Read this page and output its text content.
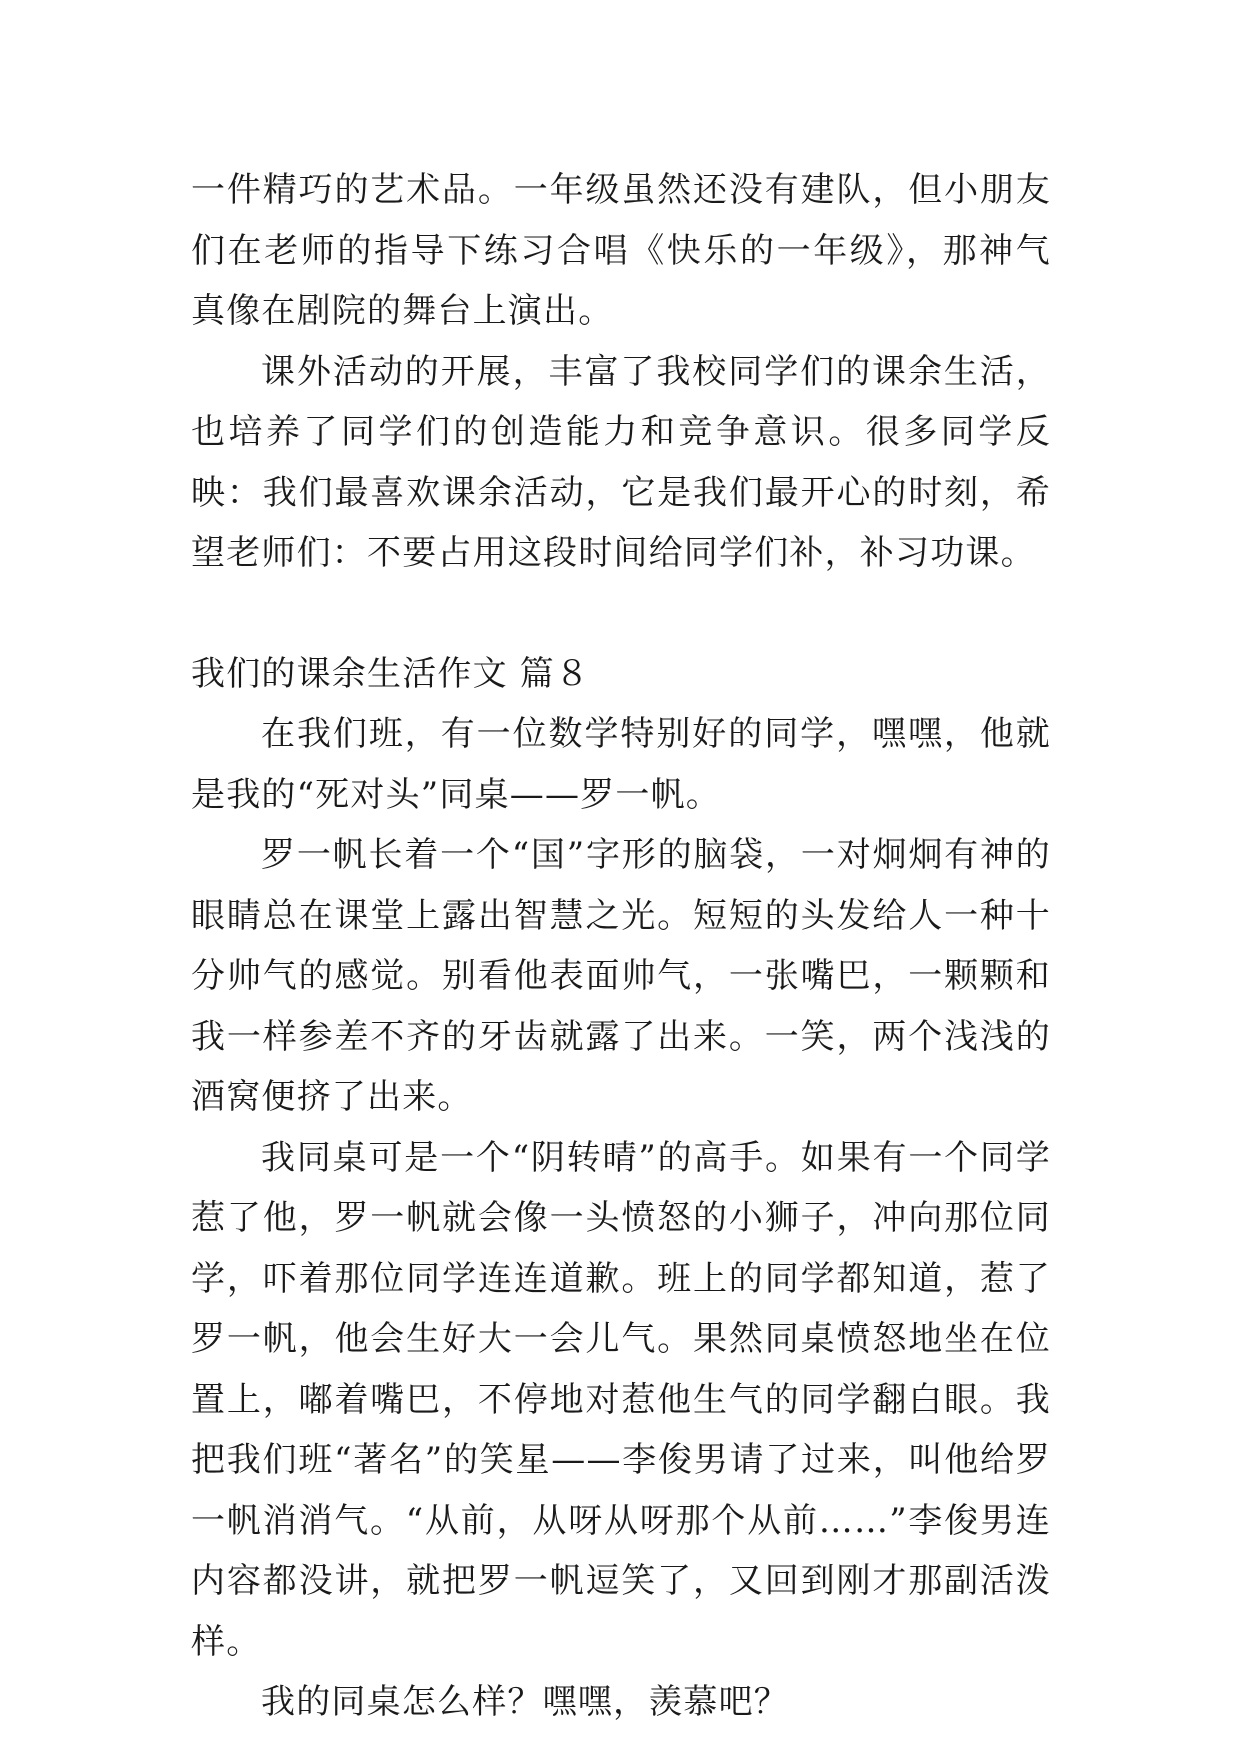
一件精巧的艺术品。一年级虽然还没有建队，但小朋友们在老师的指导下练习合唱《快乐的一年级》，那神气真像在剧院的舞台上演出。

课外活动的开展，丰富了我校同学们的课余生活，也培养了同学们的创造能力和竞争意识。很多同学反映：我们最喜欢课余活动，它是我们最开心的时刻，希望老师们：不要占用这段时间给同学们补，补习功课。

我们的课余生活作文 篇８

在我们班，有一位数学特别好的同学，嘿嘿，他就是我的“死对头”同桌——罗一帆。

罗一帆长着一个“国”字形的脑袋，一对炯炯有神的眼睛总在课堂上露出智慧之光。短短的头发给人一种十分帅气的感觉。别看他表面帅气，一张嘴巴，一颗颗和我一样参差不齐的牙齿就露了出来。一笑，两个浅浅的酒窝便挤了出来。

我同桌可是一个“阴转晴”的高手。如果有一个同学惹了他，罗一帆就会像一头愤怒的小狮子，冲向那位同学，吓着那位同学连连道歉。班上的同学都知道，惹了罗一帆，他会生好大一会儿气。果然同桌愤怒地坐在位置上，嘟着嘴巴，不停地对惹他生气的同学翻白眼。我把我们班“著名”的笑星——李俊男请了过来，叫他给罗一帆消消气。“从前，从呀从呀那个从前……”李俊男连内容都没讲，就把罗一帆逗笑了，又回到刚才那副活泼样。

我的同桌怎么样？嘿嘿，羡慕吧？
